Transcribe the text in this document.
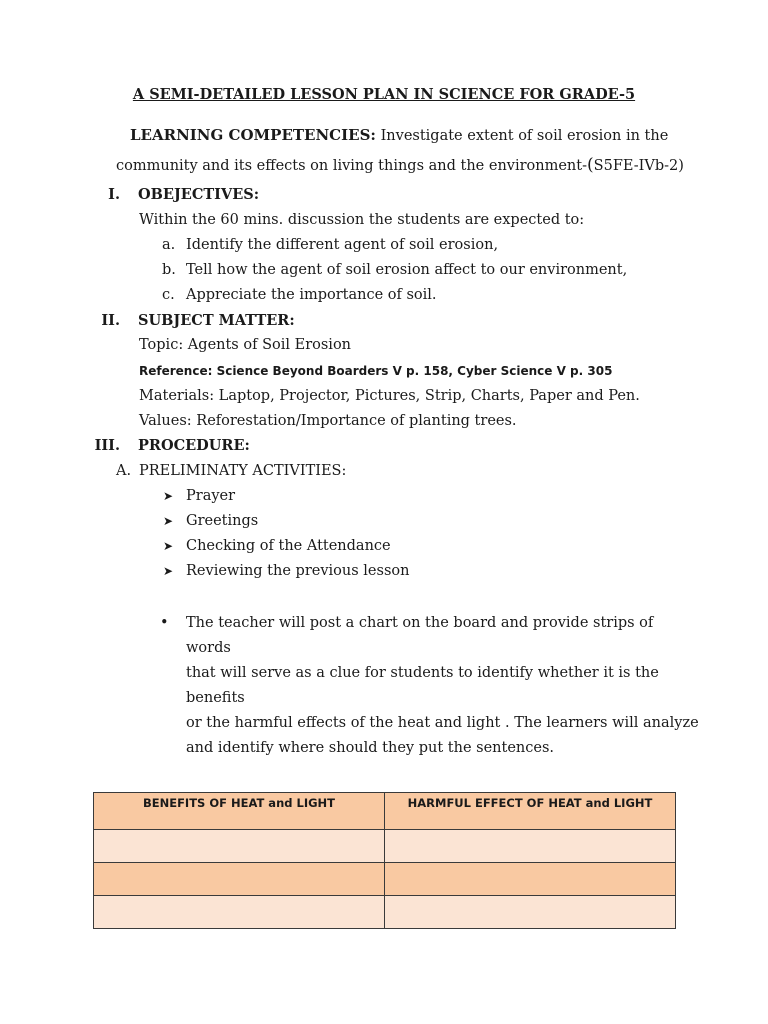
A SEMI-DETAILED LESSON PLAN IN SCIENCE FOR GRADE-5
LEARNING COMPETENCIES: Investigate extent of soil erosion in the
community and its effects on living things and the environment-(S5FE-IVb-2)
I. OBEJECTIVES:
Within the 60 mins. discussion the students are expected to:
a. Identify the different agent of soil erosion,
b. Tell how the agent of soil erosion affect to our environment,
c. Appreciate the importance of soil.
II. SUBJECT MATTER:
Topic: Agents of Soil Erosion
Reference: Science Beyond Boarders V p. 158, Cyber Science V p. 305
Materials: Laptop, Projector, Pictures, Strip, Charts, Paper and Pen.
Values: Reforestation/Importance of planting trees.
III. PROCEDURE:
A. PRELIMINATY ACTIVITIES:
➤ Prayer
➤ Greetings
➤ Checking of the Attendance
➤ Reviewing the previous lesson
• The teacher will post a chart on the board and provide strips of words
that will serve as a clue for students to identify whether it is the benefits
or the harmful effects of the heat and light . The learners will analyze
and identify where should they put the sentences.
BENEFITS OF HEAT and LIGHT	HARMFUL EFFECT OF HEAT and LIGHT
